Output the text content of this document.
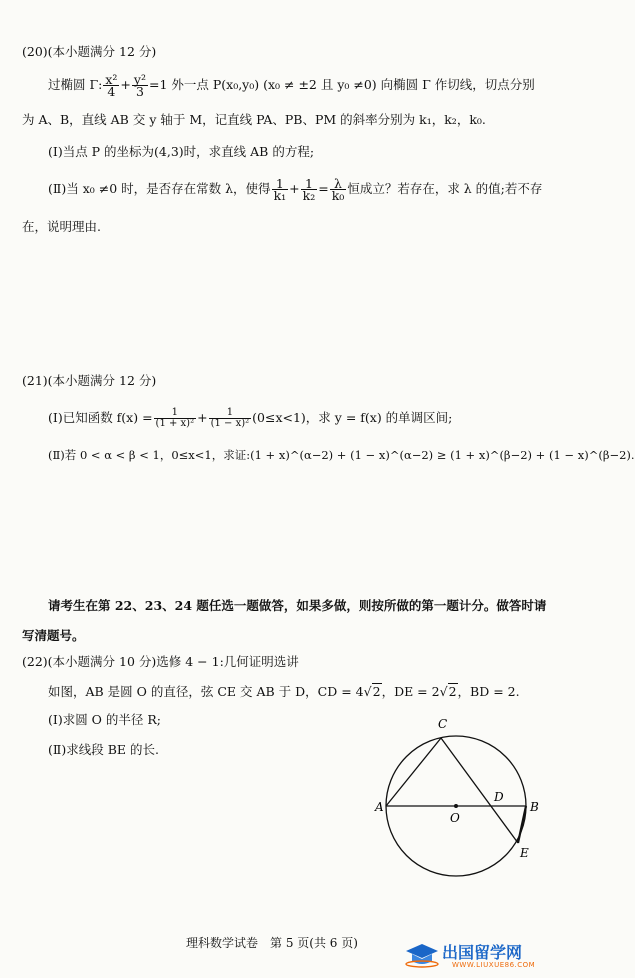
(20)(本小题满分 12 分)
过椭圆 Γ: $\frac{\text{x²}}{4} + \frac{\text{y²}}{3} =1$ 外一点 P(x₀,y₀) (x₀ ≠ ±2 且 y₀ ≠0) 向椭圆 Γ 作切线，切点分别
为 A、B，直线 AB 交 y 轴于 M，记直线 PA、PB、PM 的斜率分别为 k₁，k₂，k₀.
(Ⅰ)当点 P 的坐标为(4,3)时，求直线 AB 的方程;
(Ⅱ)当 x₀ ≠0 时，是否存在常数 λ，使得 $\frac{1}{\text{k₁}} + \frac{1}{\text{k₂}} = \frac{\lambda}{\text{k₀}}$ 恒成立？若存在，求 λ 的值;若不存
在，说明理由.
(21)(本小题满分 12 分)
(Ⅰ)已知函数 $f(x) = \frac{1}{\text{(1 + x)²}} + \frac{1}{\text{(1 − x)²}} (0\le x<1)$，求 y = f(x) 的单调区间;
(Ⅱ)若 0 < α < β < 1，0≤x<1，求证:(1 + x)^(α−2) + (1 − x)^(α−2) ≥ (1 + x)^(β−2) + (1 − x)^(β−2).
请考生在第 22、23、24 题任选一题做答，如果多做，则按所做的第一题计分。做答时请
写清题号。
(22)(本小题满分 10 分)选修 4 − 1:几何证明选讲
如图，AB 是圆 O 的直径，弦 CE 交 AB 于 D，CD = 4√2，DE = 2√2，BD = 2.
(Ⅰ)求圆 O 的半径 R;
(Ⅱ)求线段 BE 的长.
C
A	B
D
O
E
理科数学试卷　第 5 页(共 6 页)	出国留学网
WWW.LIUXUE86.COM
